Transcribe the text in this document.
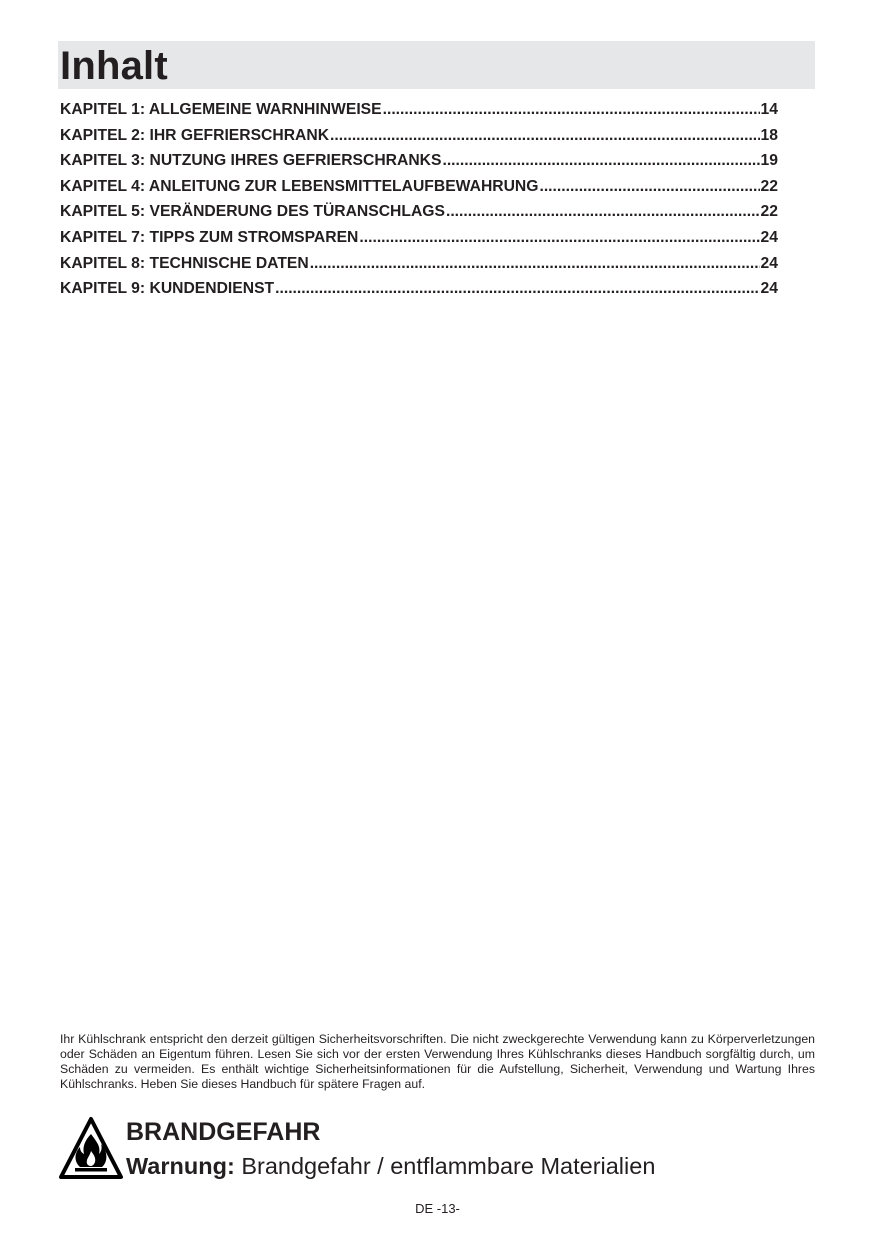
Inhalt
KAPITEL 1: ALLGEMEINE WARNHINWEISE .....	14
KAPITEL 2: IHR GEFRIERSCHRANK .....	18
KAPITEL 3: NUTZUNG IHRES GEFRIERSCHRANKS .....	19
KAPITEL 4: ANLEITUNG ZUR LEBENSMITTELAUFBEWAHRUNG .....	22
KAPITEL 5: VERÄNDERUNG DES TÜRANSCHLAGS .....	22
KAPITEL 7: TIPPS ZUM STROMSPAREN .....	24
KAPITEL 8: TECHNISCHE DATEN .....	24
KAPITEL 9: KUNDENDIENST .....	24

Ihr Kühlschrank entspricht den derzeit gültigen Sicherheitsvorschriften. Die nicht zweckgerechte Verwendung kann zu Körperverletzungen oder Schäden an Eigentum führen. Lesen Sie sich vor der ersten Verwendung Ihres Kühlschranks dieses Handbuch sorgfältig durch, um Schäden zu vermeiden. Es enthält wichtige Sicherheitsinformationen für die Aufstellung, Sicherheit, Verwendung und Wartung Ihres Kühlschranks. Heben Sie dieses Handbuch für spätere Fragen auf.

BRANDGEFAHR
Warnung: Brandgefahr / entflammbare Materialien
DE -13-
